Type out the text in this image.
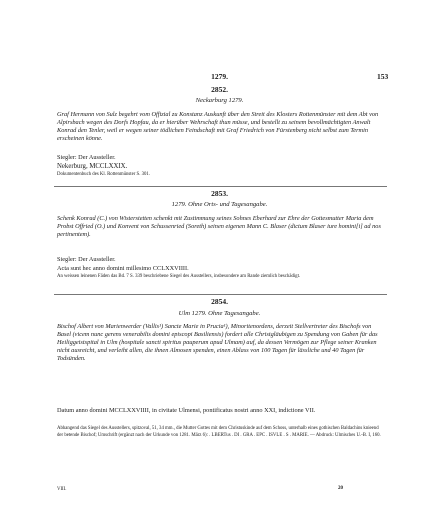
1279.	153
2852.
Neckarburg 1279.
Graf Hermann von Sulz begehrt vom Offizial zu Konstanz Auskunft über den Streit des Klosters Rottenmünster mit dem Abt von Alpirsbach wegen des Dorfs Hopfau, da er hierüber Wehrschaft thun müsse, und bestellt zu seinem bevollmächtigten Anwalt Konrad den Tenler, weil er wegen seiner tödlichen Feindschaft mit Graf Friedrich von Fürstenberg nicht selbst zum Termin erscheinen könne.
Siegler: Der Aussteller.
Nekerburg, MCCLXXIX.
Dokumentenbuch des Kl. Rottenmünster S. 301.
2853.
1279. Ohne Orts- und Tagesangabe.
Schenk Konrad (C.) von Wisterstetten schenkt mit Zustimmung seines Sohnes Eberhard zur Ehre der Gottesmutter Maria dem Probst Offried (O.) und Konvent von Schussenried (Soreth) seinen eigenen Mann C. Blaser (dictum Blaser iure homini[i] ad nos pertinentem).
Siegler: Der Aussteller.
Acta sunt hec anno domini millesimo CCLXXVIIII.
An weissen leinenen Fäden das Bd. 7 S. 339 beschriebene Siegel des Ausstellers, insbesondere am Rande ziemlich beschädigt.
2854.
Ulm 1279. Ohne Tagesangabe.
Bischof Albert von Marienwerder (Vallis¹) Sancte Marie in Prucia¹), Minoritenordens, derzeit Stellvertreter des Bischofs von Basel (vicem nunc gerens venerabilis domini episcopi Basiliensis) fordert alle Christgläubigen zu Spendung von Gaben für das Heiliggeistspital in Ulm (hospitale sancti spiritus pauperum apud Ulmam) auf, da dessen Vermögen zur Pflege seiner Kranken nicht ausreicht, und verleiht allen, die ihnen Almosen spenden, einen Ablass von 100 Tagen für lässliche und 40 Tagen für Todsünden.
Datum anno domini MCCLXXVIIII, in civitate Ulmensi, pontificatus nostri anno XXI, indictione VII.
Abhangend das Siegel des Ausstellers, spitzoval, 51, 34 mm., die Mutter Gottes mit dem Christuskinde auf dem Schoss, unterhalb eines gothischen Baldachins knieend der betende Bischof; Umschrift (ergänzt nach der Urkunde von 1281. März 6): . LBERTus . DI . GRA . EPC . ISVLE . S . MARIE. — Abdruck: Ulmisches U.-B. I, 160.
VIII.	20
